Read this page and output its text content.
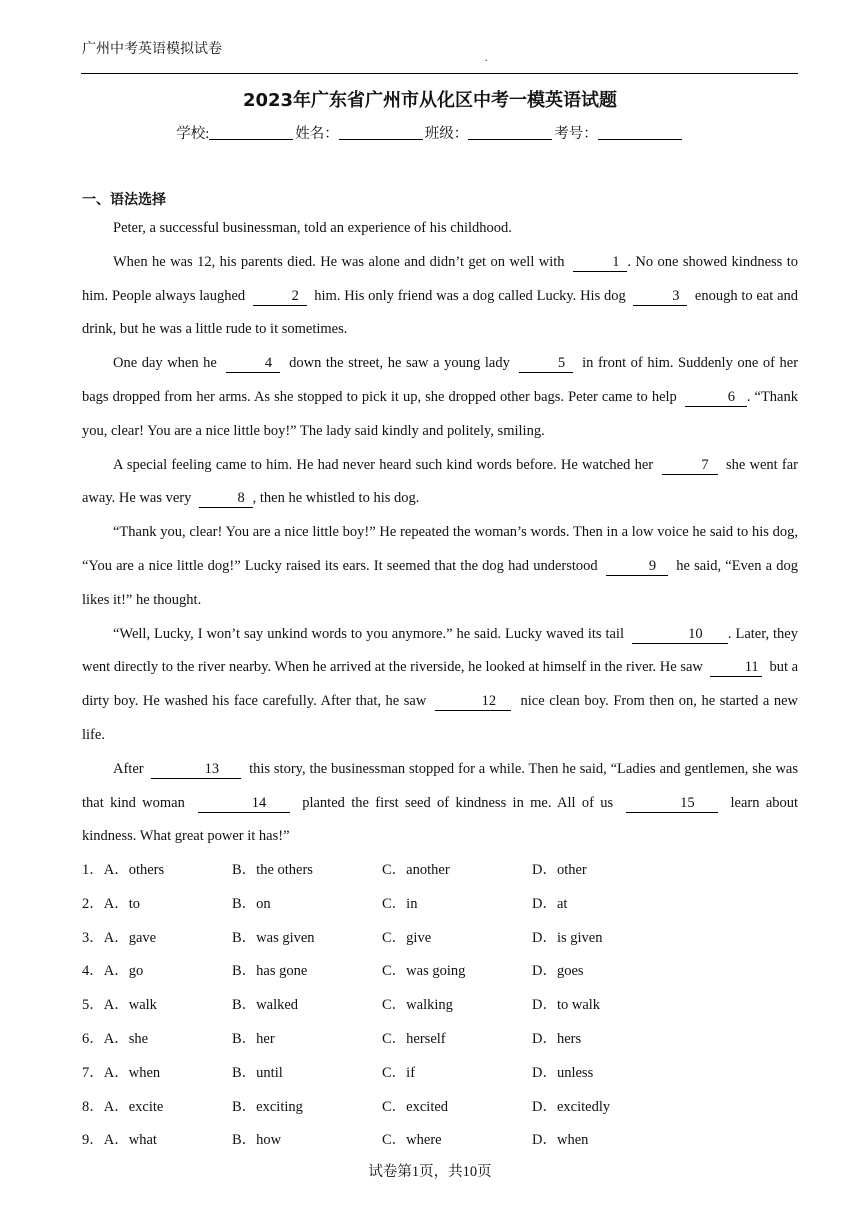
广州中考英语模拟试卷
.
2023年广东省广州市从化区中考一模英语试题
学校:	姓名：	班级：	考号：
一、语法选择

Peter, a successful businessman, told an experience of his childhood.

When he was 12, his parents died. He was alone and didn’t get on well with	1 . No one showed kindness to him. People always laughed	2 him. His only friend was a dog called Lucky. His dog	3 enough to eat and drink, but he was a little rude to it sometimes.

One day when he	4 down the street, he saw a young lady	5 in front of him. Suddenly one of her bags dropped from her arms. As she stopped to pick it up, she dropped other bags. Peter came to help	6 . “Thank you, clear! You are a nice little boy!” The lady said kindly and politely, smiling.

A special feeling came to him. He had never heard such kind words before. He watched her	7 she went far away. He was very	8 , then he whistled to his dog.

“Thank you, clear! You are a nice little boy!” He repeated the woman’s words. Then in a low voice he said to his dog, “You are a nice little dog!” Lucky raised its ears. It seemed that the dog had understood	9 he said, “Even a dog likes it!” he thought.

“Well, Lucky, I won’t say unkind words to you anymore.” he said. Lucky waved its tail	10 . Later, they went directly to the river nearby. When he arrived at the riverside, he looked at himself in the river. He saw	11 but a dirty boy. He washed his face carefully. After that, he saw	12 nice clean boy. From then on, he started a new life.

After	13 this story, the businessman stopped for a while. Then he said, “Ladies and gentlemen, she was that kind woman	14 planted the first seed of kindness in me. All of us	15 learn about kindness. What great power it has!”

1．A．others	B．the others	C．another	D．other
2．A．to	B．on	C．in	D．at
3．A．gave	B．was given	C．give	D．is given
4．A．go	B．has gone	C．was going	D．goes
5．A．walk	B．walked	C．walking	D．to walk
6．A．she	B．her	C．herself	D．hers
7．A．when	B．until	C．if	D．unless
8．A．excite	B．exciting	C．excited	D．excitedly
9．A．what	B．how	C．where	D．when
试卷第1页，共10页
